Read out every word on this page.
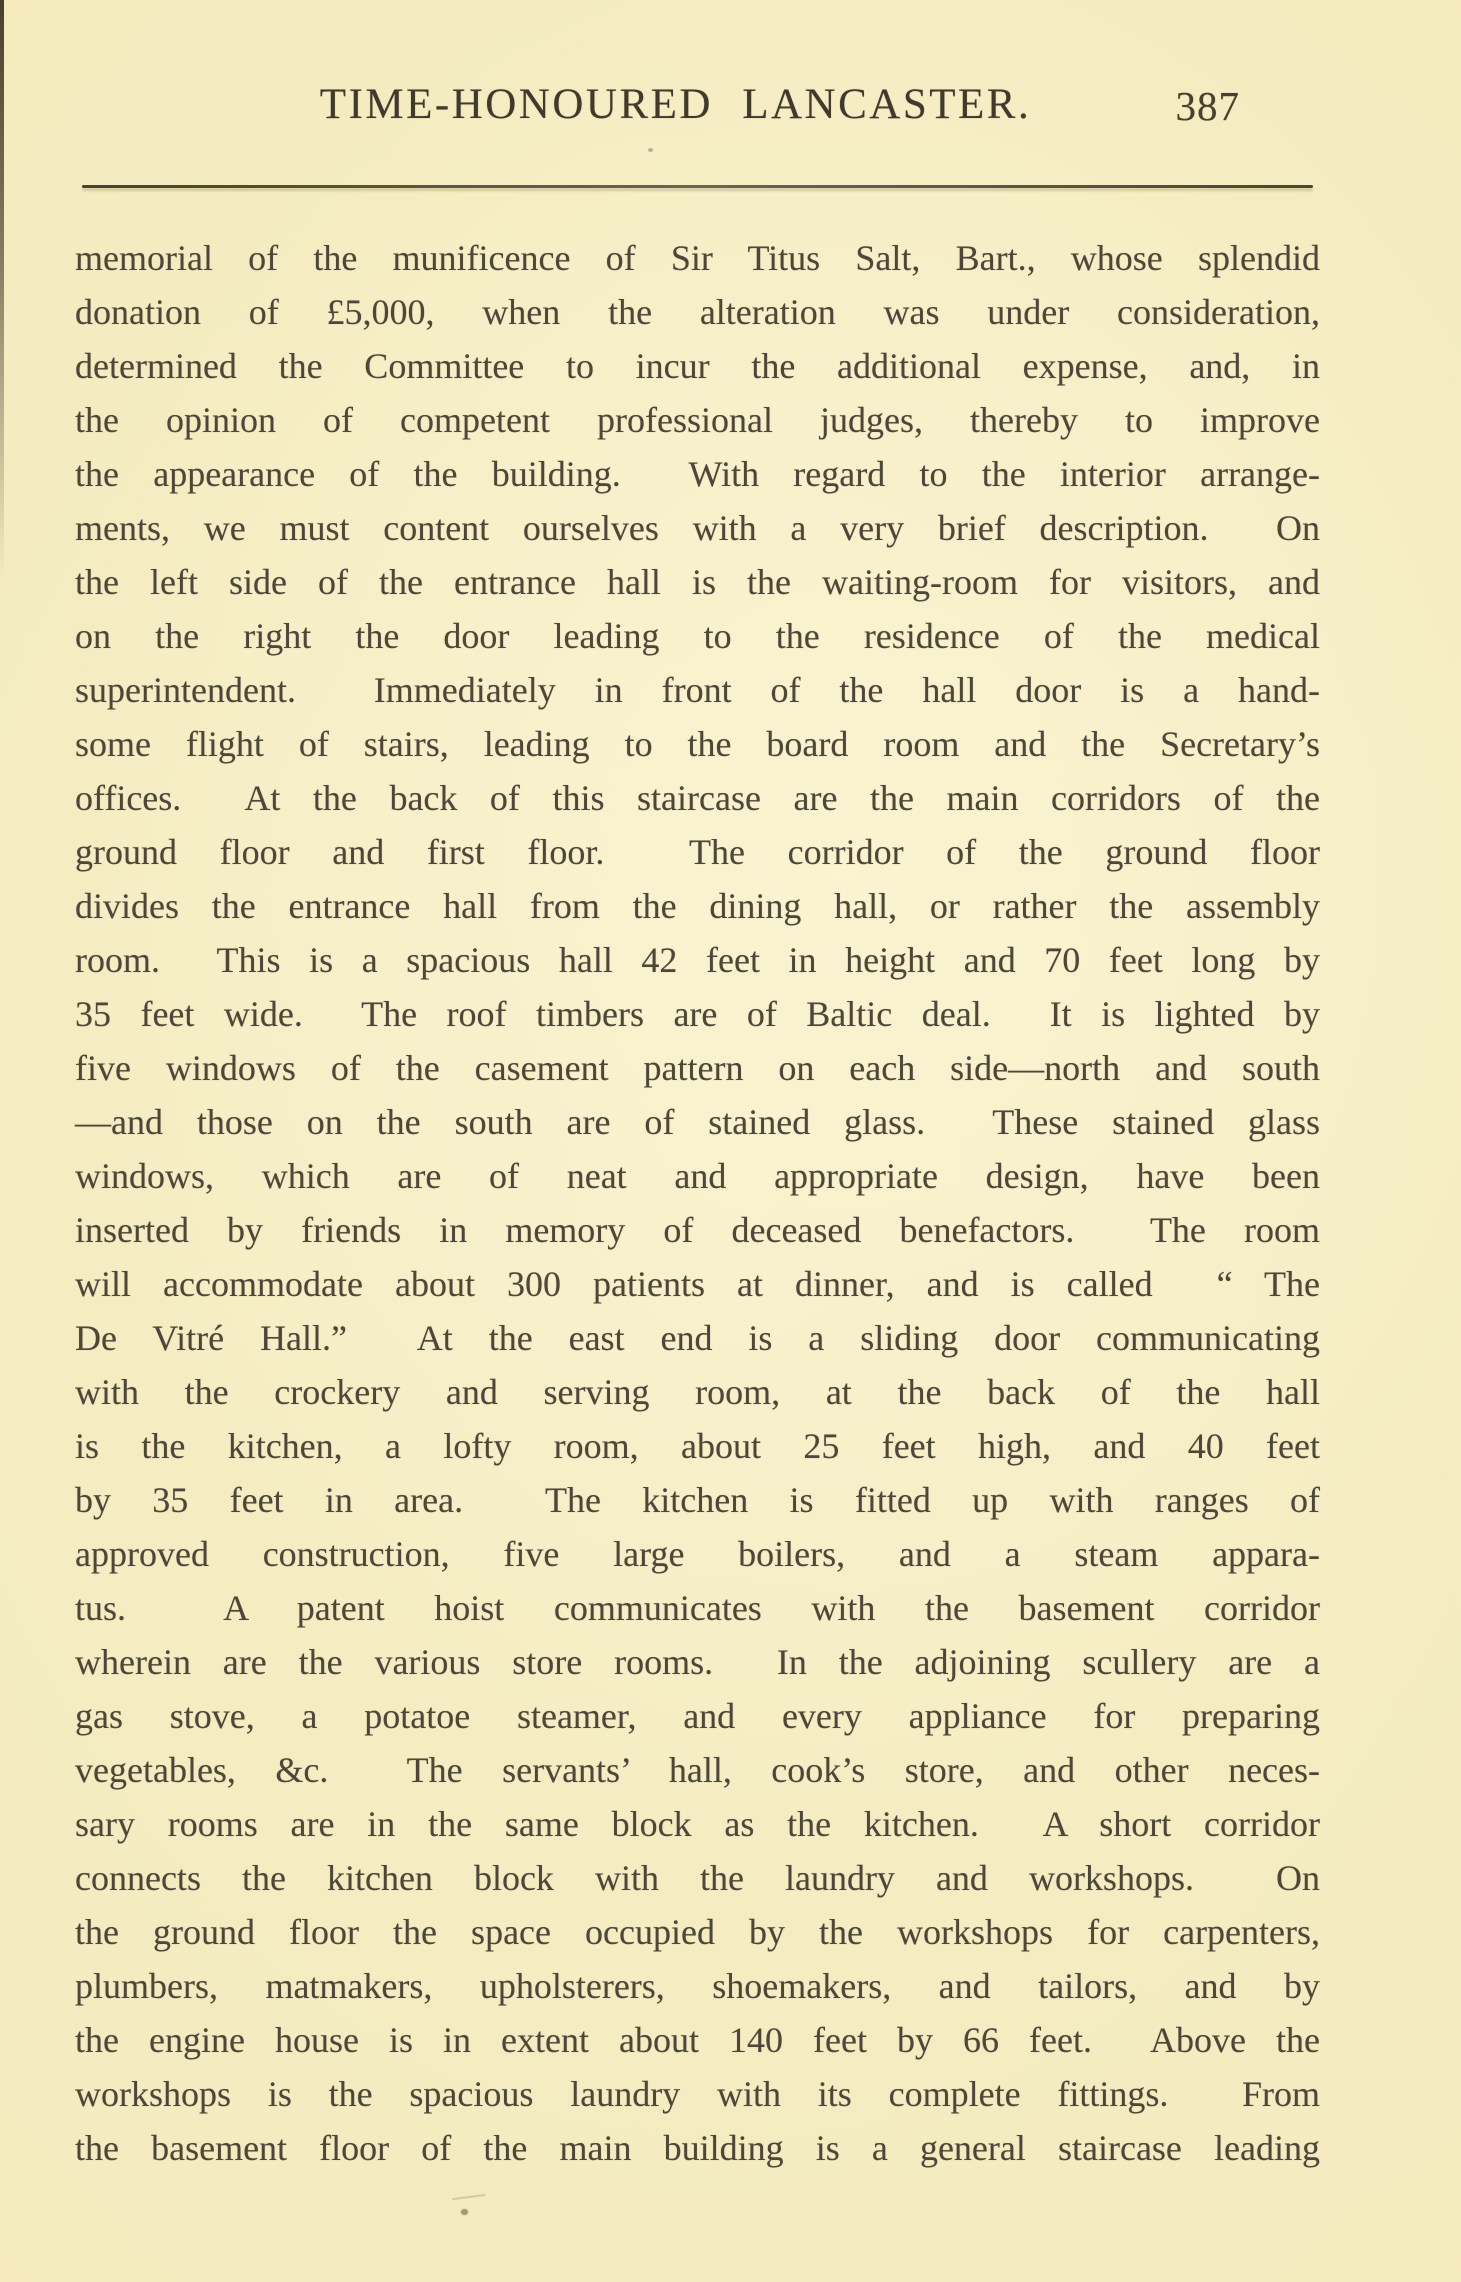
TIME-HONOURED LANCASTER.	387
memorial of the munificence of Sir Titus Salt, Bart., whose splendid
donation of £5,000, when the alteration was under consideration,
determined the Committee to incur the additional expense, and, in
the opinion of competent professional judges, thereby to improve
the appearance of the building.  With regard to the interior arrange-
ments, we must content ourselves with a very brief description.  On
the left side of the entrance hall is the waiting-room for visitors, and
on the right the door leading to the residence of the medical
superintendent.  Immediately in front of the hall door is a hand-
some flight of stairs, leading to the board room and the Secretary’s
offices.  At the back of this staircase are the main corridors of the
ground floor and first floor.  The corridor of the ground floor
divides the entrance hall from the dining hall, or rather the assembly
room.  This is a spacious hall 42 feet in height and 70 feet long by
35 feet wide.  The roof timbers are of Baltic deal.  It is lighted by
five windows of the casement pattern on each side—north and south
—and those on the south are of stained glass.  These stained glass
windows, which are of neat and appropriate design, have been
inserted by friends in memory of deceased benefactors.  The room
will accommodate about 300 patients at dinner, and is called  “ The
De Vitré Hall.”  At the east end is a sliding door communicating
with the crockery and serving room, at the back of the hall
is the kitchen, a lofty room, about 25 feet high, and 40 feet
by 35 feet in area.  The kitchen is fitted up with ranges of
approved construction, five large boilers, and a steam appara-
tus.  A patent hoist communicates with the basement corridor
wherein are the various store rooms.  In the adjoining scullery are a
gas stove, a potatoe steamer, and every appliance for preparing
vegetables, &c.  The servants’ hall, cook’s store, and other neces-
sary rooms are in the same block as the kitchen.  A short corridor
connects the kitchen block with the laundry and workshops.  On
the ground floor the space occupied by the workshops for carpenters,
plumbers, matmakers, upholsterers, shoemakers, and tailors, and by
the engine house is in extent about 140 feet by 66 feet.  Above the
workshops is the spacious laundry with its complete fittings.  From
the basement floor of the main building is a general staircase leading
